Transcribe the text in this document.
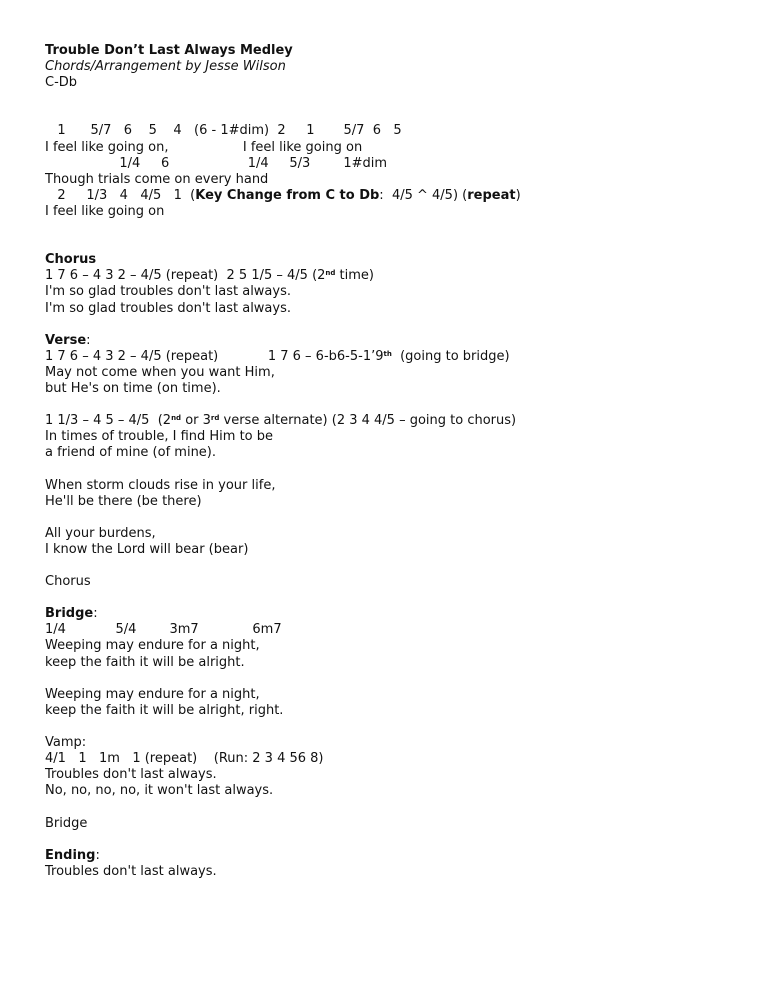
Trouble Don’t Last Always Medley
Chords/Arrangement by Jesse Wilson
C-Db
1      5/7   6    5    4   (6 - 1#dim)  2     1       5/7  6   5
I feel like going on,                  I feel like going on
1/4     6                   1/4     5/3        1#dim
Though trials come on every hand
2     1/3   4   4/5   1  (Key Change from C to Db:  4/5 ^ 4/5) (repeat)
I feel like going on
Chorus
1 7 6 – 4 3 2 – 4/5 (repeat)  2 5 1/5 – 4/5 (2nd time)
I'm so glad troubles don't last always.
I'm so glad troubles don't last always.
Verse:
1 7 6 – 4 3 2 – 4/5 (repeat)            1 7 6 – 6-b6-5-1’9th  (going to bridge)
May not come when you want Him,
but He's on time (on time).
1 1/3 – 4 5 – 4/5  (2nd or 3rd verse alternate) (2 3 4 4/5 – going to chorus)
In times of trouble, I find Him to be
a friend of mine (of mine).
When storm clouds rise in your life,
He'll be there (be there)
All your burdens,
I know the Lord will bear (bear)
Chorus
Bridge:
1/4            5/4        3m7             6m7
Weeping may endure for a night,
keep the faith it will be alright.
Weeping may endure for a night,
keep the faith it will be alright, right.
Vamp:
4/1   1   1m   1 (repeat)    (Run: 2 3 4 56 8)
Troubles don't last always.
No, no, no, no, it won't last always.
Bridge
Ending:
Troubles don't last always.
